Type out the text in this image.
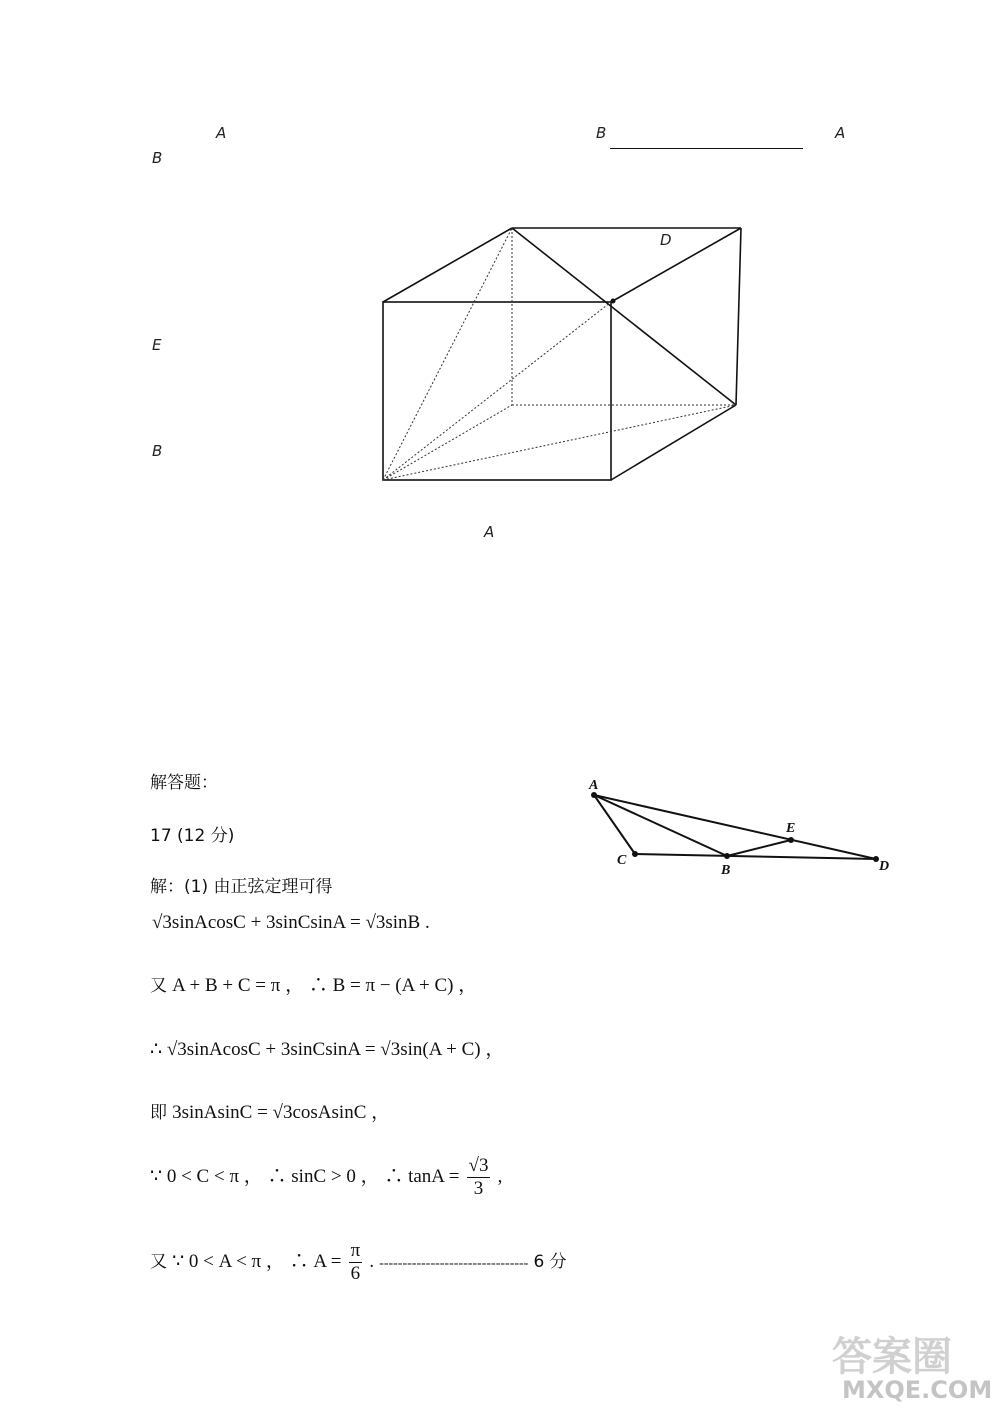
A
B
B	A
E
B
A
D
解答题：
17 (12 分)
解：(1) 由正弦定理可得
A
C
B
E
D
√3sinAcosC + 3sinCsinA = √3sinB .
又 A + B + C = π ， ∴ B = π − (A + C) ，
∴ √3sinAcosC + 3sinCsinA = √3sin(A + C) ，
即 3sinAsinC = √3cosAsinC ，
∵ 0 < C < π ， ∴ sinC > 0 ， ∴ $\tan A = \frac{√3}{3}$ ,
又 ∵ 0 < A < π ， ∴ $A = \frac{\pi}{6}$ . -------------------------------- 6 分
答案圈
MXQE.COM
